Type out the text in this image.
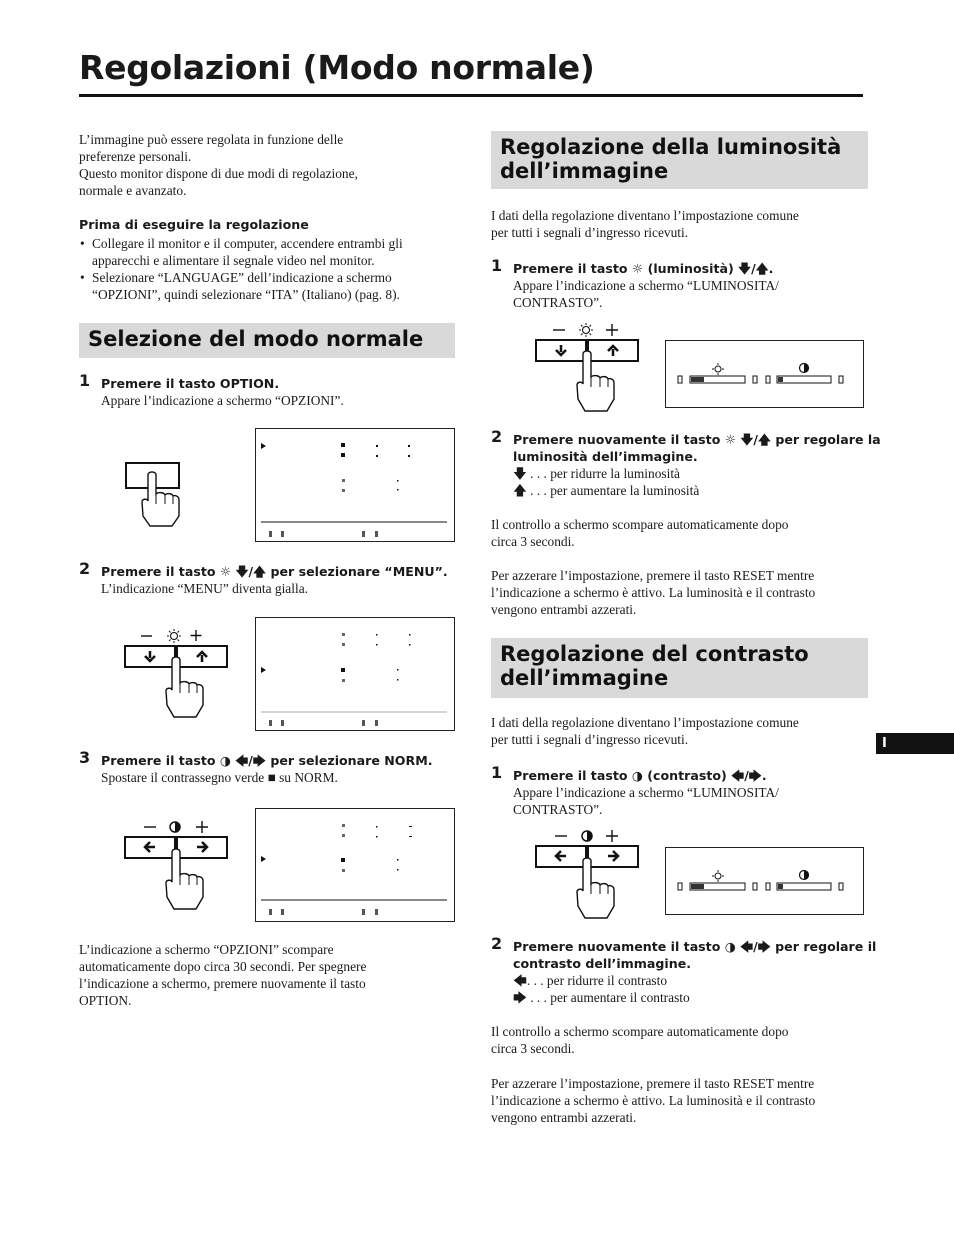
Regolazioni (Modo normale)
L’immagine può essere regolata in funzione delle
preferenze personali.
Questo monitor dispone di due modi di regolazione,
normale e avanzato.
Prima di eseguire la regolazione
• Collegare il monitor e il computer, accendere entrambi gli
apparecchi e alimentare il segnale video nel monitor.
• Selezionare “LANGUAGE” dell’indicazione a schermo
“OPZIONI”, quindi selezionare “ITA” (Italiano) (pag. 8).
Selezione del modo normale
1 Premere il tasto OPTION.
Appare l’indicazione a schermo “OPZIONI”.
2 Premere il tasto ☼ 🡇/🡅 per selezionare “MENU”.
L’indicazione “MENU” diventa gialla.
3 Premere il tasto ◑ 🡄/🡆 per selezionare NORM.
Spostare il contrassegno verde ■ su NORM.
L’indicazione a schermo “OPZIONI” scompare
automaticamente dopo circa 30 secondi. Per spegnere
l’indicazione a schermo, premere nuovamente il tasto
OPTION.
Regolazione della luminosità
dell’immagine
I dati della regolazione diventano l’impostazione comune
per tutti i segnali d’ingresso ricevuti.
1 Premere il tasto ☼ (luminosità) 🡇/🡅.
Appare l’indicazione a schermo “LUMINOSITA/
CONTRASTO”.
2 Premere nuovamente il tasto ☼ 🡇/🡅 per regolare la
luminosità dell’immagine.
🡇 . . . per ridurre la luminosità
🡅 . . . per aumentare la luminosità
Il controllo a schermo scompare automaticamente dopo
circa 3 secondi.
Per azzerare l’impostazione, premere il tasto RESET mentre
l’indicazione a schermo è attivo. La luminosità e il contrasto
vengono entrambi azzerati.
Regolazione del contrasto
dell’immagine
I dati della regolazione diventano l’impostazione comune
per tutti i segnali d’ingresso ricevuti.
1 Premere il tasto ◑ (contrasto) 🡄/🡆.
Appare l’indicazione a schermo “LUMINOSITA/
CONTRASTO”.
2 Premere nuovamente il tasto ◑ 🡄/🡆 per regolare il
contrasto dell’immagine.
🡄. . . per ridurre il contrasto
🡆 . . . per aumentare il contrasto
Il controllo a schermo scompare automaticamente dopo
circa 3 secondi.
Per azzerare l’impostazione, premere il tasto RESET mentre
l’indicazione a schermo è attivo. La luminosità e il contrasto
vengono entrambi azzerati.
I
